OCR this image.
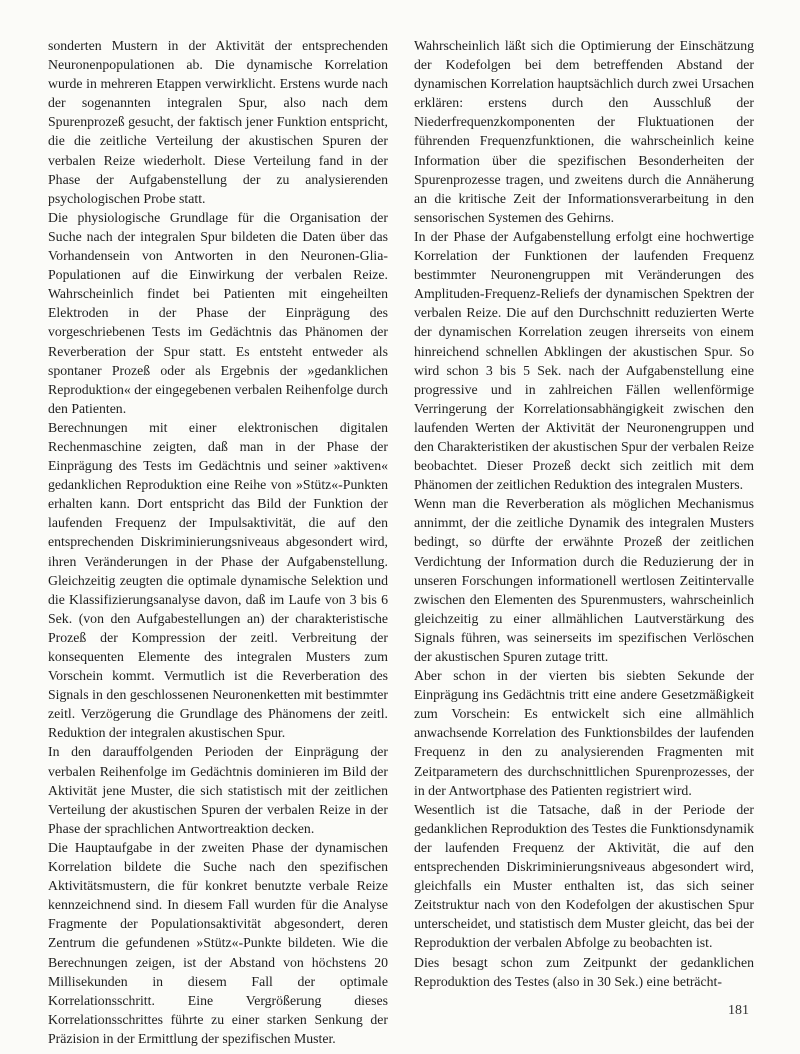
sonderten Mustern in der Aktivität der entsprechenden Neuronenpopulationen ab. Die dynamische Korrelation wurde in mehreren Etappen verwirklicht. Erstens wurde nach der sogenannten integralen Spur, also nach dem Spurenprozeß gesucht, der faktisch jener Funktion entspricht, die die zeitliche Verteilung der akustischen Spuren der verbalen Reize wiederholt. Diese Verteilung fand in der Phase der Aufgabenstellung der zu analysierenden psychologischen Probe statt.

Die physiologische Grundlage für die Organisation der Suche nach der integralen Spur bildeten die Daten über das Vorhandensein von Antworten in den Neuronen-Glia-Populationen auf die Einwirkung der verbalen Reize. Wahrscheinlich findet bei Patienten mit eingeheilten Elektroden in der Phase der Einprägung des vorgeschriebenen Tests im Gedächtnis das Phänomen der Reverberation der Spur statt. Es entsteht entweder als spontaner Prozeß oder als Ergebnis der »gedanklichen Reproduktion« der eingegebenen verbalen Reihenfolge durch den Patienten.

Berechnungen mit einer elektronischen digitalen Rechenmaschine zeigten, daß man in der Phase der Einprägung des Tests im Gedächtnis und seiner »aktiven« gedanklichen Reproduktion eine Reihe von »Stütz«-Punkten erhalten kann. Dort entspricht das Bild der Funktion der laufenden Frequenz der Impulsaktivität, die auf den entsprechenden Diskriminierungsniveaus abgesondert wird, ihren Veränderungen in der Phase der Aufgabenstellung. Gleichzeitig zeugten die optimale dynamische Selektion und die Klassifizierungsanalyse davon, daß im Laufe von 3 bis 6 Sek. (von den Aufgabestellungen an) der charakteristische Prozeß der Kompression der zeitl. Verbreitung der konsequenten Elemente des integralen Musters zum Vorschein kommt. Vermutlich ist die Reverberation des Signals in den geschlossenen Neuronenketten mit bestimmter zeitl. Verzögerung die Grundlage des Phänomens der zeitl. Reduktion der integralen akustischen Spur.

In den darauffolgenden Perioden der Einprägung der verbalen Reihenfolge im Gedächtnis dominieren im Bild der Aktivität jene Muster, die sich statistisch mit der zeitlichen Verteilung der akustischen Spuren der verbalen Reize in der Phase der sprachlichen Antwortreaktion decken.

Die Hauptaufgabe in der zweiten Phase der dynamischen Korrelation bildete die Suche nach den spezifischen Aktivitätsmustern, die für konkret benutzte verbale Reize kennzeichnend sind. In diesem Fall wurden für die Analyse Fragmente der Populationsaktivität abgesondert, deren Zentrum die gefundenen »Stütz«-Punkte bildeten. Wie die Berechnungen zeigen, ist der Abstand von höchstens 20 Millisekunden in diesem Fall der optimale Korrelationsschritt. Eine Vergrößerung dieses Korrelationsschrittes führte zu einer starken Senkung der Präzision in der Ermittlung der spezifischen Muster.

Wahrscheinlich läßt sich die Optimierung der Einschätzung der Kodefolgen bei dem betreffenden Abstand der dynamischen Korrelation hauptsächlich durch zwei Ursachen erklären: erstens durch den Ausschluß der Niederfrequenzkomponenten der Fluktuationen der führenden Frequenzfunktionen, die wahrscheinlich keine Information über die spezifischen Besonderheiten der Spurenprozesse tragen, und zweitens durch die Annäherung an die kritische Zeit der Informationsverarbeitung in den sensorischen Systemen des Gehirns.

In der Phase der Aufgabenstellung erfolgt eine hochwertige Korrelation der Funktionen der laufenden Frequenz bestimmter Neuronengruppen mit Veränderungen des Amplituden-Frequenz-Reliefs der dynamischen Spektren der verbalen Reize. Die auf den Durchschnitt reduzierten Werte der dynamischen Korrelation zeugen ihrerseits von einem hinreichend schnellen Abklingen der akustischen Spur. So wird schon 3 bis 5 Sek. nach der Aufgabenstellung eine progressive und in zahlreichen Fällen wellenförmige Verringerung der Korrelationsabhängigkeit zwischen den laufenden Werten der Aktivität der Neuronengruppen und den Charakteristiken der akustischen Spur der verbalen Reize beobachtet. Dieser Prozeß deckt sich zeitlich mit dem Phänomen der zeitlichen Reduktion des integralen Musters.

Wenn man die Reverberation als möglichen Mechanismus annimmt, der die zeitliche Dynamik des integralen Musters bedingt, so dürfte der erwähnte Prozeß der zeitlichen Verdichtung der Information durch die Reduzierung der in unseren Forschungen informationell wertlosen Zeitintervalle zwischen den Elementen des Spurenmusters, wahrscheinlich gleichzeitig zu einer allmählichen Lautverstärkung des Signals führen, was seinerseits im spezifischen Verlöschen der akustischen Spuren zutage tritt.

Aber schon in der vierten bis siebten Sekunde der Einprägung ins Gedächtnis tritt eine andere Gesetzmäßigkeit zum Vorschein: Es entwickelt sich eine allmählich anwachsende Korrelation des Funktionsbildes der laufenden Frequenz in den zu analysierenden Fragmenten mit Zeitparametern des durchschnittlichen Spurenprozesses, der in der Antwortphase des Patienten registriert wird.

Wesentlich ist die Tatsache, daß in der Periode der gedanklichen Reproduktion des Testes die Funktionsdynamik der laufenden Frequenz der Aktivität, die auf den entsprechenden Diskriminierungsniveaus abgesondert wird, gleichfalls ein Muster enthalten ist, das sich seiner Zeitstruktur nach von den Kodefolgen der akustischen Spur unterscheidet, und statistisch dem Muster gleicht, das bei der Reproduktion der verbalen Abfolge zu beobachten ist.

Dies besagt schon zum Zeitpunkt der gedanklichen Reproduktion des Testes (also in 30 Sek.) eine beträcht-

181
